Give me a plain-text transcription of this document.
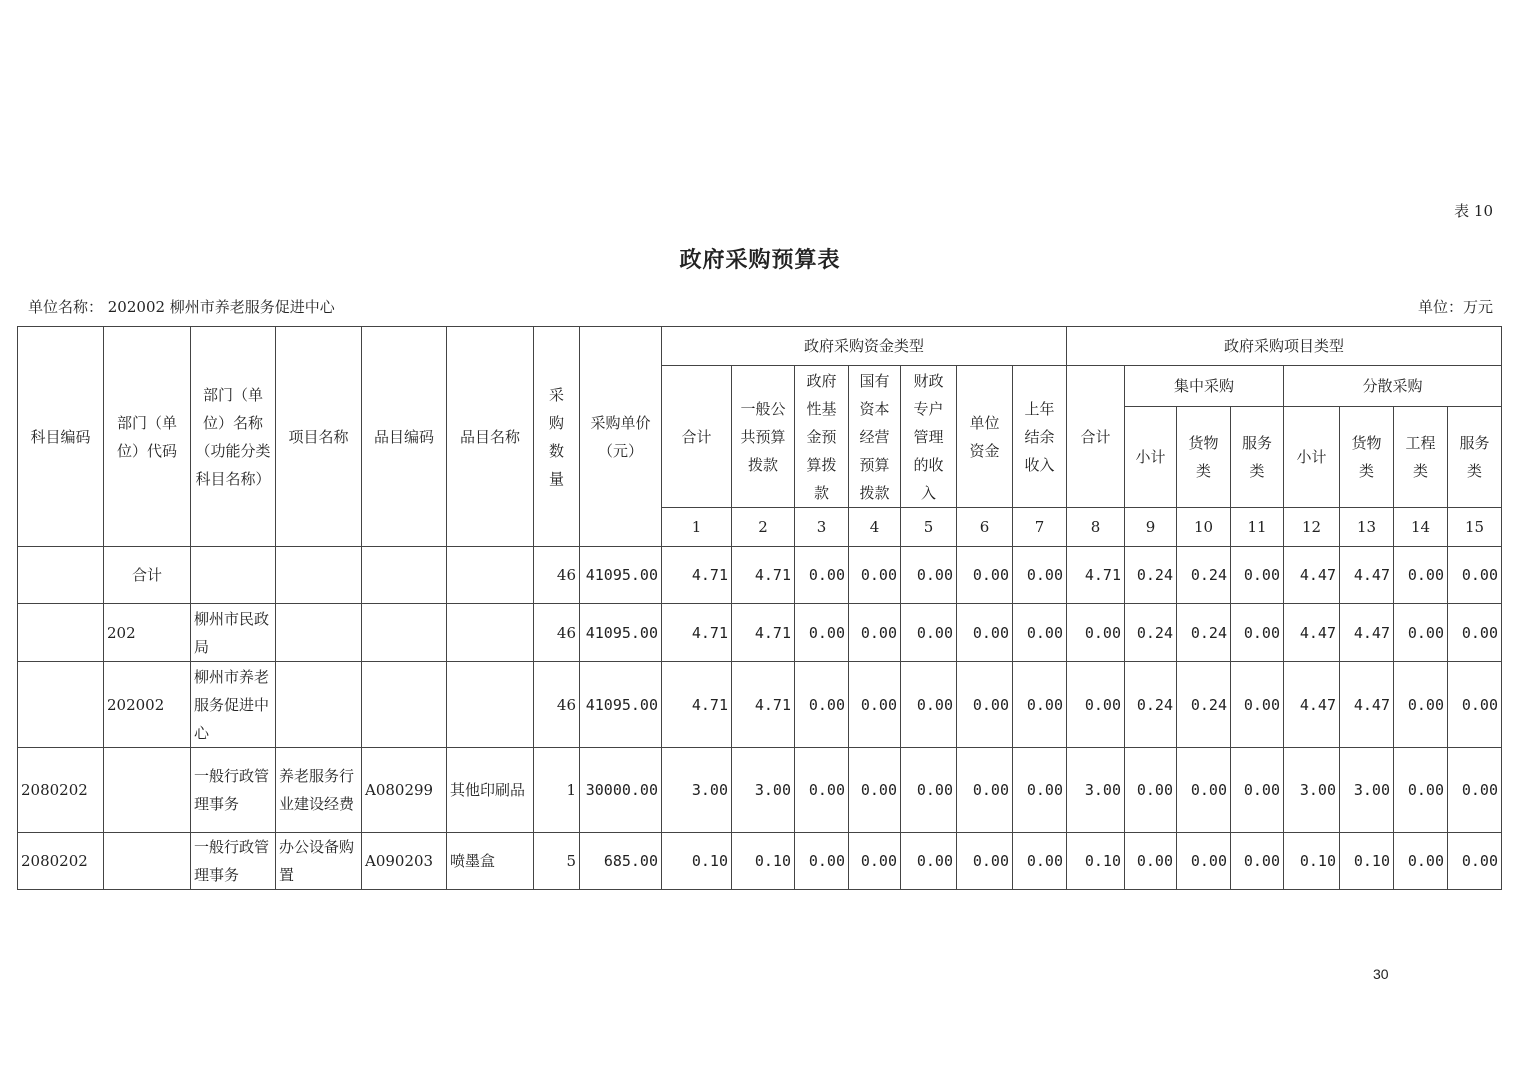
表 10
政府采购预算表
单位名称： 202002 柳州市养老服务促进中心	单位：万元
科目编码	部门（单位）代码	部门（单位）名称（功能分类科目名称）	项目名称	品目编码	品目名称	采购数量	采购单价（元）	政府采购资金类型							政府采购项目类型							
								合计	一般公共预算拨款	政府性基金预算拨款	国有资本经营预算拨款	财政专户管理的收入	单位资金	上年结余收入	合计	集中采购			分散采购			
																小计	货物类	服务类	小计	货物类	工程类	服务类
								1	2	3	4	5	6	7	8	9	10	11	12	13	14	15
	合计					46	41095.00	4.71	4.71	0.00	0.00	0.00	0.00	0.00	4.71	0.24	0.24	0.00	4.47	4.47	0.00	0.00
	202	柳州市民政局				46	41095.00	4.71	4.71	0.00	0.00	0.00	0.00	0.00	0.00	0.24	0.24	0.00	4.47	4.47	0.00	0.00
	202002	柳州市养老服务促进中心				46	41095.00	4.71	4.71	0.00	0.00	0.00	0.00	0.00	0.00	0.24	0.24	0.00	4.47	4.47	0.00	0.00
2080202		一般行政管理事务	养老服务行业建设经费	A080299	其他印刷品	1	30000.00	3.00	3.00	0.00	0.00	0.00	0.00	0.00	3.00	0.00	0.00	0.00	3.00	3.00	0.00	0.00
2080202		一般行政管理事务	办公设备购置	A090203	喷墨盒	5	685.00	0.10	0.10	0.00	0.00	0.00	0.00	0.00	0.10	0.00	0.00	0.00	0.10	0.10	0.00	0.00
30
